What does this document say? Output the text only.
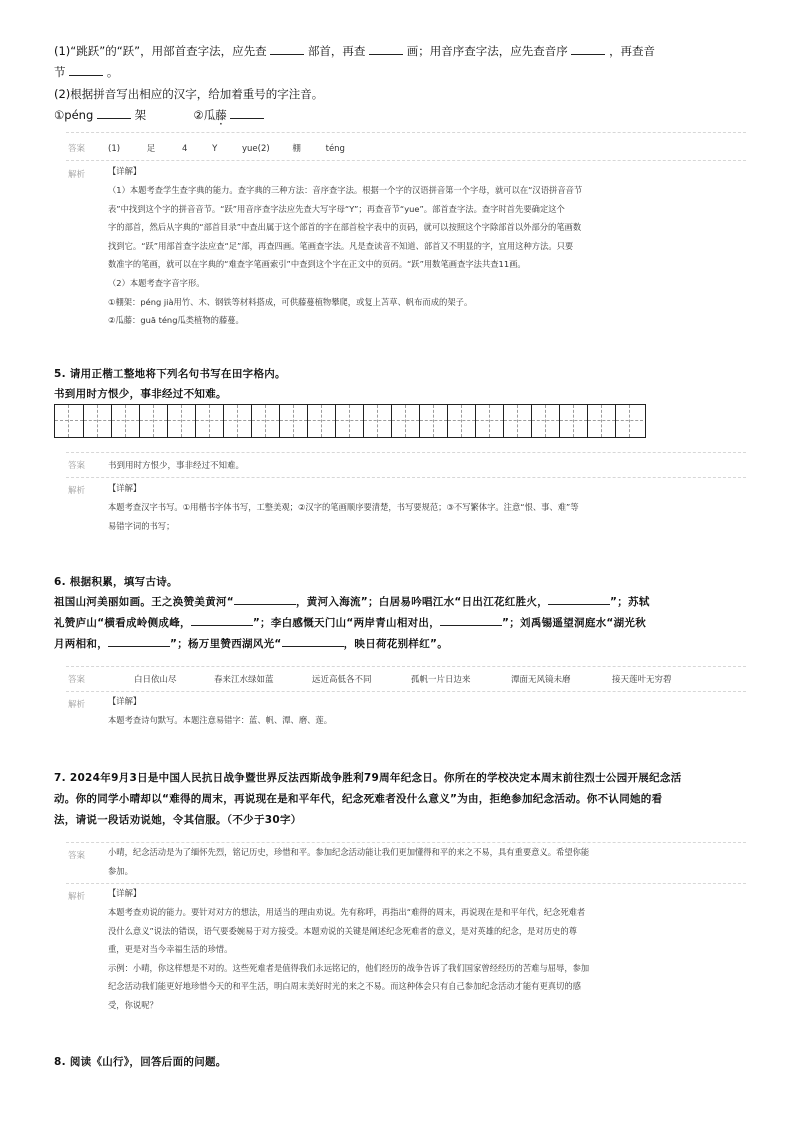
(1)“跳跃”的“跃”，用部首查字法，应先查	部首，再查	画；用音序查字法，应先查音序	，再查音
节	。
(2)根据拼音写出相应的汉字，给加着重号的字注音。
①péng	架	②瓜藤
答案	(1)	足	4	Y	yue(2)	棚	téng
解析	【详解】
（1）本题考查学生查字典的能力。查字典的三种方法：音序查字法。根据一个字的汉语拼音第一个字母，就可以在“汉语拼音音节
表”中找到这个字的拼音音节。“跃”用音序查字法应先查大写字母“Y”；再查音节“yue”。部首查字法。查字时首先要确定这个
字的部首，然后从字典的“部首目录”中查出属于这个部首的字在部首检字表中的页码，就可以按照这个字除部首以外部分的笔画数
找到它。“跃”用部首查字法应查“足”部，再查四画。笔画查字法。凡是查读音不知道、部首又不明显的字，宜用这种方法。只要
数准字的笔画，就可以在字典的“难查字笔画索引”中查到这个字在正文中的页码。“跃”用数笔画查字法共查11画。
（2）本题考查字音字形。
①棚架：péng jià用竹、木、钢铁等材料搭成，可供藤蔓植物攀爬，或复上苫草、帆布而成的架子。
②瓜藤：guā téng瓜类植物的藤蔓。
5. 请用正楷工整地将下列名句书写在田字格内。
书到用时方恨少，事非经过不知难。
答案	书到用时方恨少，事非经过不知难。
解析	【详解】
本题考查汉字书写。①用楷书字体书写，工整美观；②汉字的笔画顺序要清楚，书写要规范；③不写繁体字。注意“恨、事、难”等
易错字词的书写；
6. 根据积累，填写古诗。
祖国山河美丽如画。王之涣赞美黄河“	，黄河入海流”；白居易吟唱江水“日出江花红胜火，	”；苏轼
礼赞庐山“横看成岭侧成峰，	”；李白感慨天门山“两岸青山相对出，	”；刘禹锡遥望洞庭水“湖光秋
月两相和，	”；杨万里赞西湖风光“	，映日荷花别样红”。
答案	白日依山尽	春来江水绿如蓝	远近高低各不同	孤帆一片日边来	潭面无风镜未磨	接天莲叶无穷碧
解析	【详解】
本题考查诗句默写。本题注意易错字：蓝、帆、潭、磨、莲。
7. 2024年9月3日是中国人民抗日战争暨世界反法西斯战争胜利79周年纪念日。你所在的学校决定本周末前往烈士公园开展纪念活
动。你的同学小晴却以“难得的周末，再说现在是和平年代，纪念死难者没什么意义”为由，拒绝参加纪念活动。你不认同她的看
法，请说一段话劝说她，令其信服。（不少于30字）
答案	小晴，纪念活动是为了缅怀先烈，铭记历史，珍惜和平。参加纪念活动能让我们更加懂得和平的来之不易，具有重要意义。希望你能
参加。
解析	【详解】
本题考查劝说的能力。要针对对方的想法，用适当的理由劝说。先有称呼，再指出“难得的周末，再说现在是和平年代，纪念死难者
没什么意义”说法的错误，语气要委婉易于对方接受。本题劝说的关键是阐述纪念死难者的意义，是对英雄的纪念，是对历史的尊
重，更是对当今幸福生活的珍惜。
示例：小晴，你这样想是不对的。这些死难者是值得我们永远铭记的，他们经历的战争告诉了我们国家曾经经历的苦难与屈辱，参加
纪念活动我们能更好地珍惜今天的和平生活，明白周末美好时光的来之不易。而这种体会只有自己参加纪念活动才能有更真切的感
受，你说呢？
8. 阅读《山行》，回答后面的问题。
